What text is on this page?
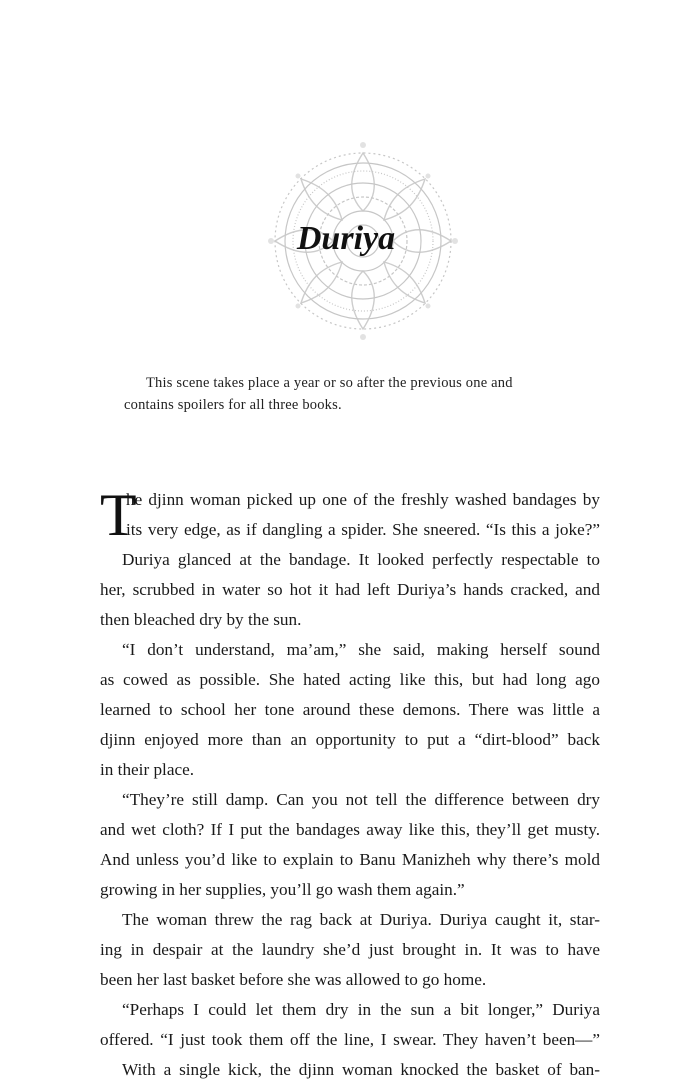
Duriya
This scene takes place a year or so after the previous one and
contains spoilers for all three books.
T
he djinn woman picked up one of the freshly washed bandages by
its very edge, as if dangling a spider. She sneered. “Is this a joke?”
Duriya glanced at the bandage. It looked perfectly respectable to
her, scrubbed in water so hot it had left Duriya’s hands cracked, and
then bleached dry by the sun.
“I don’t understand, ma’am,” she said, making herself sound
as cowed as possible. She hated acting like this, but had long ago
learned to school her tone around these demons. There was little a
djinn enjoyed more than an opportunity to put a “dirt-blood” back
in their place.
“They’re still damp. Can you not tell the difference between dry
and wet cloth? If I put the bandages away like this, they’ll get musty.
And unless you’d like to explain to Banu Manizheh why there’s mold
growing in her supplies, you’ll go wash them again.”
The woman threw the rag back at Duriya. Duriya caught it, star-
ing in despair at the laundry she’d just brought in. It was to have
been her last basket before she was allowed to go home.
“Perhaps I could let them dry in the sun a bit longer,” Duriya
offered. “I just took them off the line, I swear. They haven’t been—”
With a single kick, the djinn woman knocked the basket of ban-
